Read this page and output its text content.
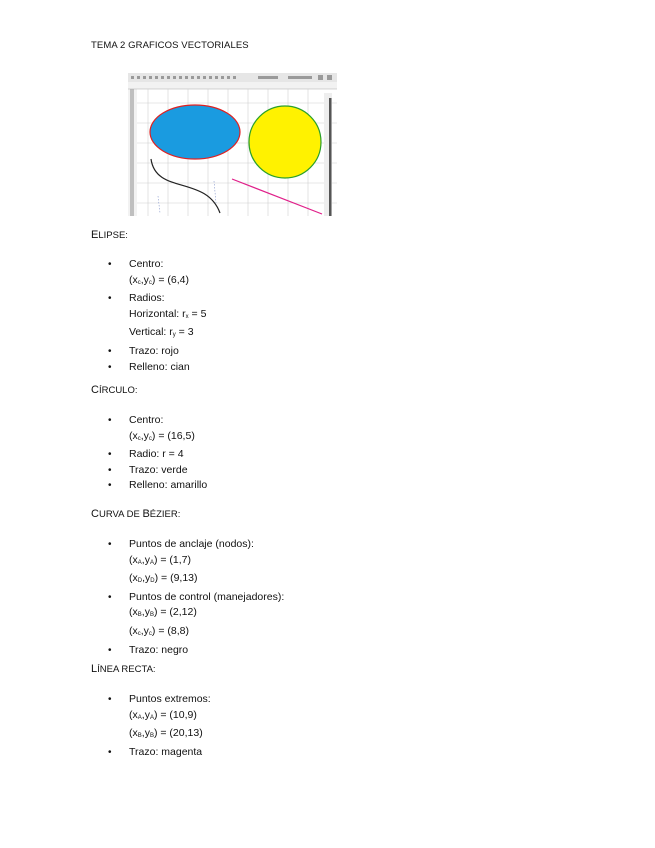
TEMA 2 GRAFICOS VECTORIALES
ELIPSE:
• Centro:
$(x_c,y_c) = (6,4)$
• Radios:
Horizontal: $r_x = 5$
Vertical: $r_y = 3$
• Trazo: rojo
• Relleno: cian
CÍRCULO:
• Centro:
$(x_c,y_c) = (16,5)$
• Radio: r = 4
• Trazo: verde
• Relleno: amarillo
CURVA DE BÉZIER:
• Puntos de anclaje (nodos):
$(x_A,y_A) = (1,7)$
$(x_D,y_D) = (9,13)$
• Puntos de control (manejadores):
$(x_B,y_B) = (2,12)$
$(x_c,y_c) = (8,8)$
• Trazo: negro
LÍNEA RECTA:
• Puntos extremos:
$(x_A,y_A) = (10,9)$
$(x_B,y_B) = (20,13)$
• Trazo: magenta
